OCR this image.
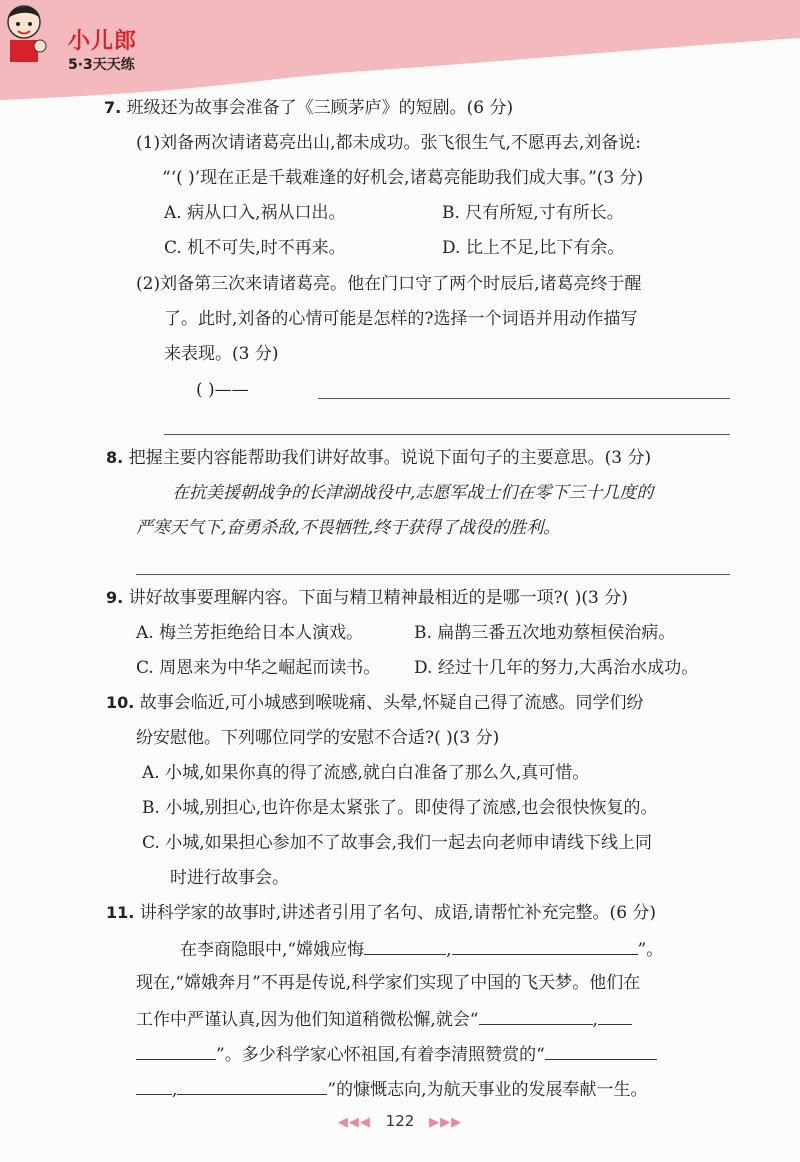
小儿郎
5·3天天练
7. 班级还为故事会准备了《三顾茅庐》的短剧。(6 分)
(1)刘备两次请诸葛亮出山,都未成功。张飞很生气,不愿再去,刘备说:
“‘( )’现在正是千载难逢的好机会,诸葛亮能助我们成大事。”(3 分)
A. 病从口入,祸从口出。	B. 尺有所短,寸有所长。
C. 机不可失,时不再来。	D. 比上不足,比下有余。
(2)刘备第三次来请诸葛亮。他在门口守了两个时辰后,诸葛亮终于醒
了。此时,刘备的心情可能是怎样的?选择一个词语并用动作描写
来表现。(3 分)
( )——
8. 把握主要内容能帮助我们讲好故事。说说下面句子的主要意思。(3 分)
在抗美援朝战争的长津湖战役中,志愿军战士们在零下三十几度的
严寒天气下,奋勇杀敌,不畏牺牲,终于获得了战役的胜利。
9. 讲好故事要理解内容。下面与精卫精神最相近的是哪一项?( )(3 分)
A. 梅兰芳拒绝给日本人演戏。	B. 扁鹊三番五次地劝蔡桓侯治病。
C. 周恩来为中华之崛起而读书。 D. 经过十几年的努力,大禹治水成功。
10. 故事会临近,可小城感到喉咙痛、头晕,怀疑自己得了流感。同学们纷
纷安慰他。下列哪位同学的安慰不合适?( )(3 分)
A. 小城,如果你真的得了流感,就白白准备了那么久,真可惜。
B. 小城,别担心,也许你是太紧张了。即使得了流感,也会很快恢复的。
C. 小城,如果担心参加不了故事会,我们一起去向老师申请线下线上同
时进行故事会。
11. 讲科学家的故事时,讲述者引用了名句、成语,请帮忙补充完整。(6 分)
在李商隐眼中,“嫦娥应悔	,	”。
现在,“嫦娥奔月”不再是传说,科学家们实现了中国的飞天梦。他们在
工作中严谨认真,因为他们知道稍微松懈,就会“	,
”。多少科学家心怀祖国,有着李清照赞赏的“
,	”的慷慨志向,为航天事业的发展奉献一生。
◀◀◀ 122 ▶▶▶
